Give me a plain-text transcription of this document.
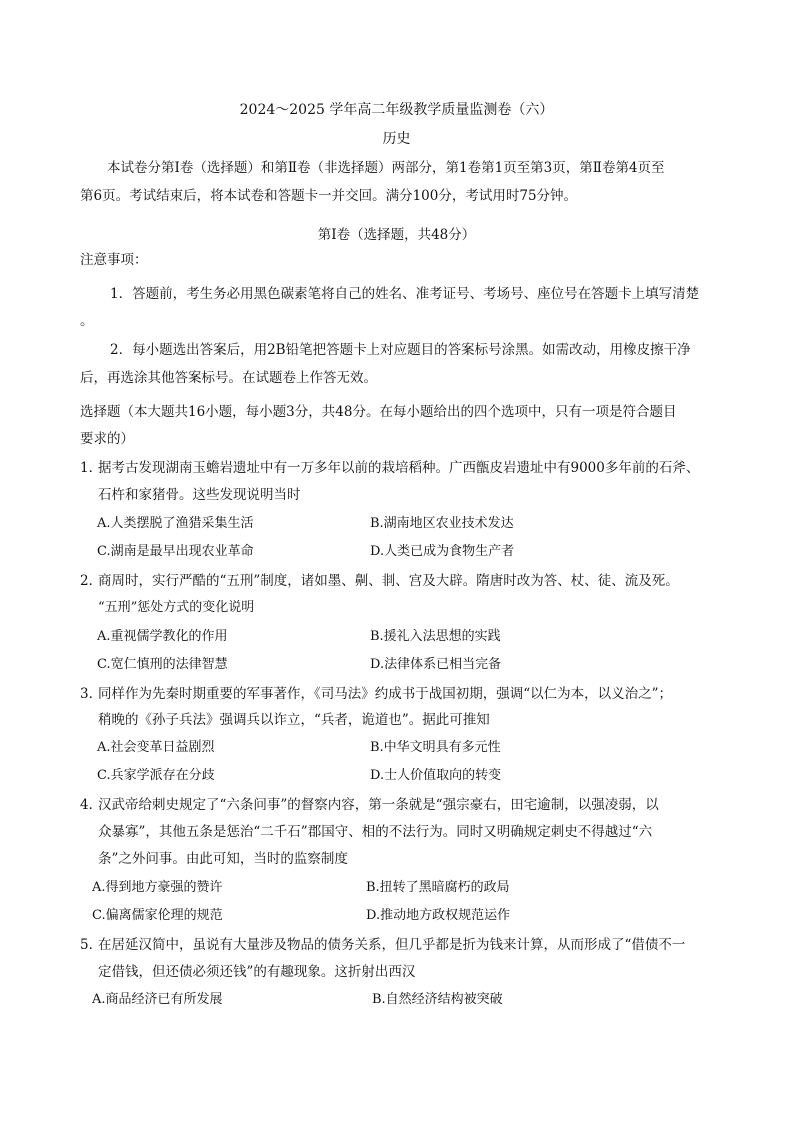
2024～2025 学年高二年级教学质量监测卷（六）
历史
本试卷分第Ⅰ卷（选择题）和第Ⅱ卷（非选择题）两部分，第1卷第1页至第3页，第Ⅱ卷第4页至
第6页。考试结束后，将本试卷和答题卡一并交回。满分100分，考试用时75分钟。
第Ⅰ卷（选择题，共48分）
注意事项：
1．答题前，考生务必用黑色碳素笔将自己的姓名、准考证号、考场号、座位号在答题卡上填写清楚
。
2．每小题选出答案后，用2B铅笔把答题卡上对应题目的答案标号涂黑。如需改动，用橡皮擦干净
后，再选涂其他答案标号。在试题卷上作答无效。
选择题（本大题共16小题，每小题3分，共48分。在每小题给出的四个选项中，只有一项是符合题目
要求的）
1．
据考古发现湖南玉蟾岩遗址中有一万多年以前的栽培稻种。广西甑皮岩遗址中有9000多年前的石斧、
石杵和家猪骨。这些发现说明当时
A.人类摆脱了渔猎采集生活	B.湖南地区农业技术发达
C.湖南是最早出现农业革命	D.人类已成为食物生产者
2．
商周时，实行严酷的“五刑”制度，诸如墨、劓、剕、宫及大辟。隋唐时改为答、杖、徒、流及死。
“五刑”惩处方式的变化说明
A.重视儒学教化的作用	B.援礼入法思想的实践
C.宽仁慎刑的法律智慧	D.法律体系已相当完备
3．
同样作为先秦时期重要的军事著作，《司马法》约成书于战国初期，强调“以仁为本，以义治之”；
稍晚的《孙子兵法》强调兵以诈立，“兵者，诡道也”。据此可推知
A.社会变革日益剧烈	B.中华文明具有多元性
C.兵家学派存在分歧	D.士人价值取向的转变
4．
汉武帝给刺史规定了“六条问事”的督察内容，第一条就是“强宗豪右，田宅逾制，以强凌弱，以
众暴寡”，其他五条是惩治“二千石”郡国守、相的不法行为。同时又明确规定刺史不得越过“六
条”之外问事。由此可知，当时的监察制度
A.得到地方豪强的赞许	B.扭转了黑暗腐朽的政局
C.偏离儒家伦理的规范	D.推动地方政权规范运作
5．
在居延汉简中，虽说有大量涉及物品的债务关系，但几乎都是折为钱来计算，从而形成了“借债不一
定借钱，但还债必须还钱”的有趣现象。这折射出西汉
A.商品经济已有所发展	B.自然经济结构被突破
